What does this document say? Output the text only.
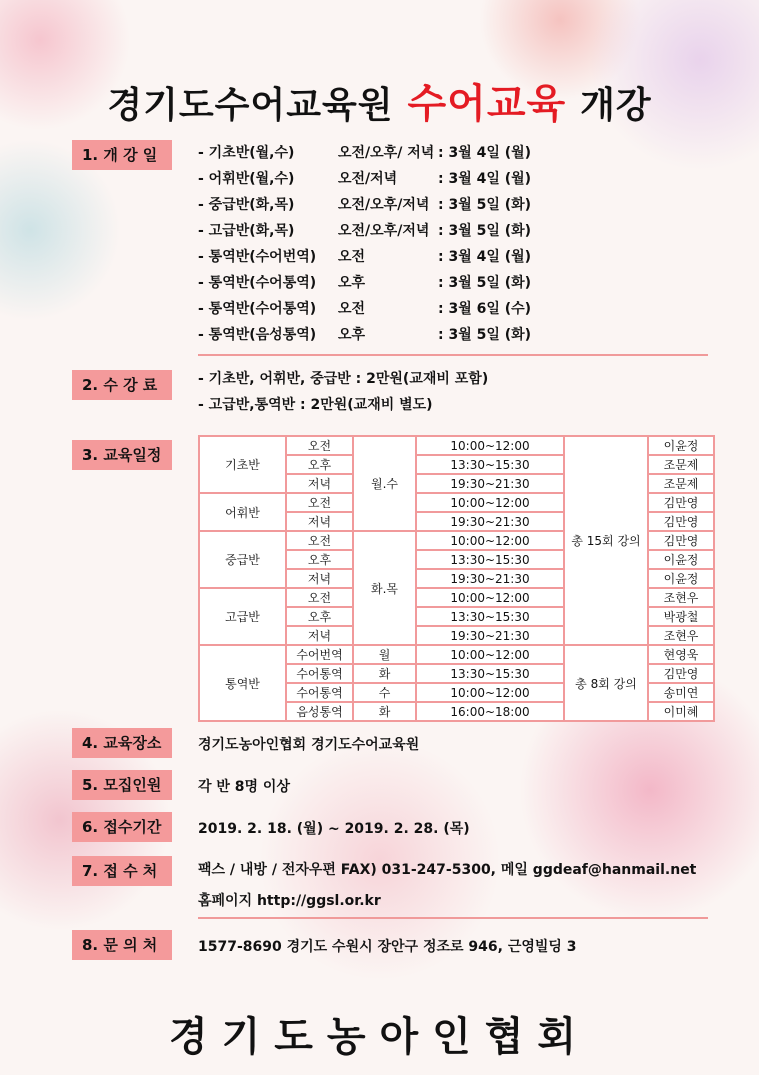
경기도수어교육원 수어교육 개강
1. 개 강 일	- 기초반(월,수)	오전/오후/ 저녁 : 3월 4일 (월)
- 어휘반(월,수)	오전/저녁	: 3월 4일 (월)
- 중급반(화,목)	오전/오후/저녁 : 3월 5일 (화)
- 고급반(화,목)	오전/오후/저녁 : 3월 5일 (화)
- 통역반(수어번역) 오전	: 3월 4일 (월)
- 통역반(수어통역) 오후	: 3월 5일 (화)
- 통역반(수어통역) 오전	: 3월 6일 (수)
- 통역반(음성통역) 오후	: 3월 5일 (화)
2. 수 강 료	- 기초반, 어휘반, 중급반 : 2만원(교재비 포함)
- 고급반,통역반 : 2만원(교재비 별도)
3. 교육일정
기초반	오전	월.수	10:00~12:00	총 15회 강의	이윤정
	오후		13:30~15:30		조문제
	저녁		19:30~21:30		조문제
어휘반	오전		10:00~12:00		김만영
	저녁		19:30~21:30		김만영
중급반	오전	화.목	10:00~12:00		김만영
	오후		13:30~15:30		이윤정
	저녁		19:30~21:30		이윤정
고급반	오전		10:00~12:00		조현우
	오후		13:30~15:30		박광철
	저녁		19:30~21:30		조현우
통역반	수어번역	월	10:00~12:00	총 8회 강의	현영욱
	수어통역	화	13:30~15:30		김만영
	수어통역	수	10:00~12:00		송미연
	음성통역	화	16:00~18:00		이미혜
4. 교육장소	경기도농아인협회 경기도수어교육원
5. 모집인원	각 반 8명 이상
6. 접수기간	2019. 2. 18. (월) ~ 2019. 2. 28. (목)
7. 접 수 처	팩스 / 내방 / 전자우편 FAX) 031-247-5300, 메일 ggdeaf@hanmail.net
홈페이지 http://ggsl.or.kr
8. 문 의 처	1577-8690 경기도 수원시 장안구 정조로 946, 근영빌딩 3
경기도농아인협회
